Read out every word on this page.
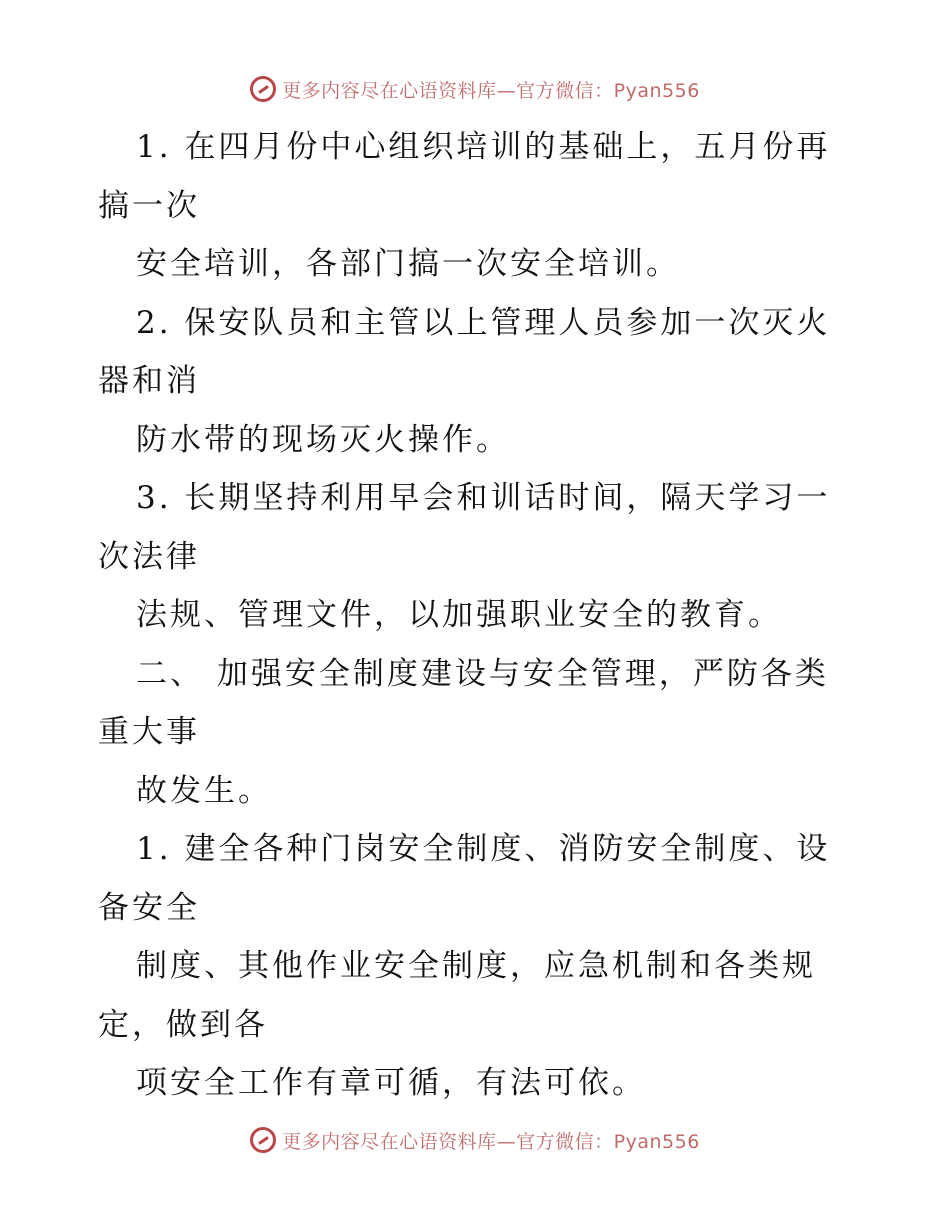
更多内容尽在心语资料库—官方微信：Pyan556
1. 在四月份中心组织培训的基础上，五月份再
搞一次
安全培训，各部门搞一次安全培训。
2. 保安队员和主管以上管理人员参加一次灭火
器和消
防水带的现场灭火操作。
3. 长期坚持利用早会和训话时间，隔天学习一
次法律
法规、管理文件，以加强职业安全的教育。
二、 加强安全制度建设与安全管理，严防各类
重大事
故发生。
1. 建全各种门岗安全制度、消防安全制度、设
备安全
制度、其他作业安全制度，应急机制和各类规
定，做到各
项安全工作有章可循，有法可依。
更多内容尽在心语资料库—官方微信：Pyan556
